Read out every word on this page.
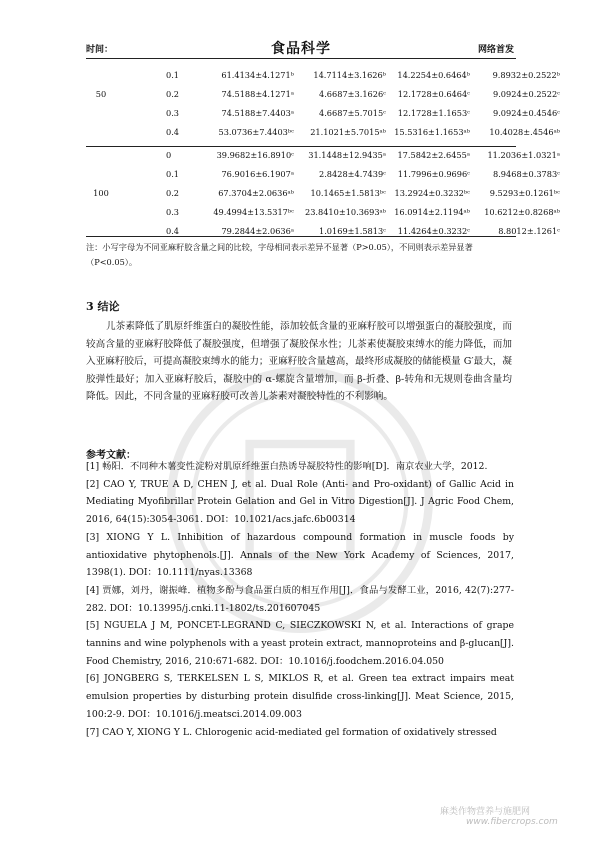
时间：	食品科学	网络首发
0.1	61.4134±4.1271ᵇ	14.7114±3.1626ᵇ	14.2254±0.6464ᵇ	9.8932±0.2522ᵇ
50	0.2	74.5188±4.1271ᵃ	4.6687±3.1626ᶜ	12.1728±0.6464ᶜ	9.0924±0.2522ᶜ
0.3	74.5188±7.4403ᵃ	4.6687±5.7015ᶜ	12.1728±1.1653ᶜ	9.0924±0.4546ᶜ
0.4	53.0736±7.4403ᵇᶜ	21.1021±5.7015ᵃᵇ 15.5316±1.1653ᵃᵇ	10.4028±.4546ᵃᵇ
0	39.9682±16.8910ᶜ	31.1448±12.9435ᵃ	17.5842±2.6455ᵃ	11.2036±1.0321ᵃ
0.1	76.9016±6.1907ᵃ	2.8428±4.7439ᶜ	11.7996±0.9696ᶜ	8.9468±0.3783ᶜ
100	0.2	67.3704±2.0636ᵃᵇ	10.1465±1.5813ᵇᶜ	13.2924±0.3232ᵇᶜ	9.5293±0.1261ᵇᶜ
0.3	49.4994±13.5317ᵇᶜ	23.8410±10.3693ᵃᵇ 16.0914±2.1194ᵃᵇ	10.6212±0.8268ᵃᵇ
0.4	79.2844±2.0636ᵃ	1.0169±1.5813ᶜ	11.4264±0.3232ᶜ	8.8012±.1261ᶜ
注：小写字母为不同亚麻籽胶含量之间的比较，字母相同表示差异不显著（P>0.05），不同则表示差异显著（P<0.05）。
3 结论
儿茶素降低了肌原纤维蛋白的凝胶性能，添加较低含量的亚麻籽胶可以增强蛋白的凝胶强度，而较高含量的亚麻籽胶降低了凝胶强度，但增强了凝胶保水性；儿茶素使凝胶束缚水的能力降低，而加入亚麻籽胶后，可提高凝胶束缚水的能力；亚麻籽胶含量越高，最终形成凝胶的储能模量 G′最大，凝胶弹性最好；加入亚麻籽胶后，凝胶中的 α-螺旋含量增加，而 β-折叠、β-转角和无规则卷曲含量均降低。因此，不同含量的亚麻籽胶可改善儿茶素对凝胶特性的不利影响。
参考文献：

[1] 畅阳．不同种木薯变性淀粉对肌原纤维蛋白热诱导凝胶特性的影响[D]．南京农业大学，2012.

[2] CAO Y, TRUE A D, CHEN J, et al. Dual Role (Anti- and Pro-oxidant) of Gallic Acid in Mediating Myofibrillar Protein Gelation and Gel in Vitro Digestion[J]. J Agric Food Chem, 2016, 64(15):3054-3061. DOI：10.1021/acs.jafc.6b00314

[3] XIONG Y L. Inhibition of hazardous compound formation in muscle foods by antioxidative phytophenols.[J]. Annals of the New York Academy of Sciences, 2017, 1398(1). DOI：10.1111/nyas.13368

[4] 贾娜，刘丹，谢振峰．植物多酚与食品蛋白质的相互作用[J]．食品与发酵工业，2016, 42(7):277-282. DOI：10.13995/j.cnki.11-1802/ts.201607045

[5] NGUELA J M, PONCET-LEGRAND C, SIECZKOWSKI N, et al. Interactions of grape tannins and wine polyphenols with a yeast protein extract, mannoproteins and β-glucan[J]. Food Chemistry, 2016, 210:671-682. DOI：10.1016/j.foodchem.2016.04.050

[6] JONGBERG S, TERKELSEN L S, MIKLOS R, et al. Green tea extract impairs meat emulsion properties by disturbing protein disulfide cross-linking[J]. Meat Science, 2015, 100:2-9. DOI：10.1016/j.meatsci.2014.09.003

[7] CAO Y, XIONG Y L. Chlorogenic acid-mediated gel formation of oxidatively stressed

麻类作物营养与施肥网
www.fibercrops.com
